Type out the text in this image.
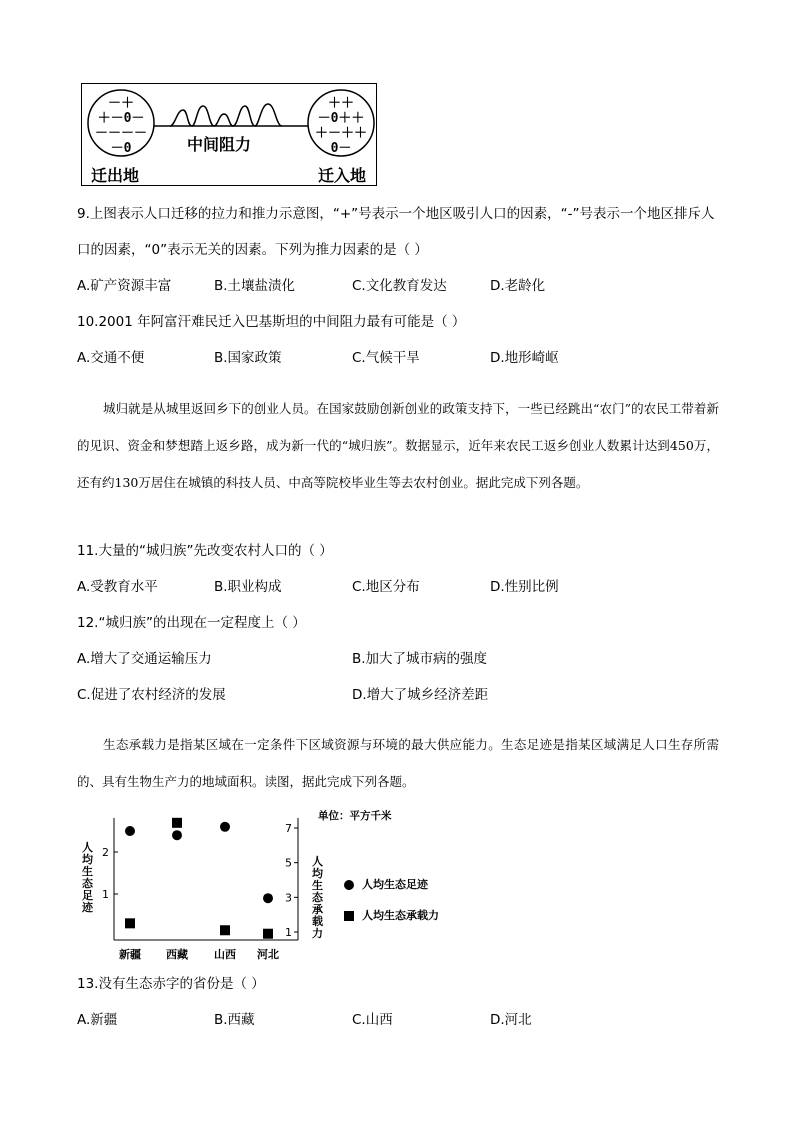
－＋
＋－0－
－－－－
－0
＋＋
－0＋＋
＋－＋＋
0－
中间阻力
迁出地	迁入地
9.上图表示人口迁移的拉力和推力示意图，“+”号表示一个地区吸引人口的因素，“-”号表示一个地区排斥人
口的因素，“0”表示无关的因素。下列为推力因素的是（ ）
A.矿产资源丰富	B.土壤盐渍化	C.文化教育发达	D.老龄化
10.2001 年阿富汗难民迁入巴基斯坦的中间阻力最有可能是（ ）
A.交通不便	B.国家政策	C.气候干旱	D.地形崎岖
城归就是从城里返回乡下的创业人员。在国家鼓励创新创业的政策支持下，一些已经跳出“农门”的农民工带着新的见识、资金和梦想踏上返乡路，成为新一代的“城归族”。数据显示，近年来农民工返乡创业人数累计达到450万，还有约130万居住在城镇的科技人员、中高等院校毕业生等去农村创业。据此完成下列各题。
11.大量的“城归族”先改变农村人口的（ ）
A.受教育水平	B.职业构成	C.地区分布	D.性别比例
12.“城归族”的出现在一定程度上（ ）
A.增大了交通运输压力	B.加大了城市病的强度
C.促进了农村经济的发展	D.增大了城乡经济差距
生态承载力是指某区域在一定条件下区域资源与环境的最大供应能力。生态足迹是指某区域满足人口生存所需的、具有生物生产力的地域面积。读图，据此完成下列各题。
1
2
1
3
5
7
新疆 西藏 山西 河北
单位：平方千米
人均生态足迹
人均生态承载力
人均生态足迹
人均生态承载力
13.没有生态赤字的省份是（ ）
A.新疆	B.西藏	C.山西	D.河北
